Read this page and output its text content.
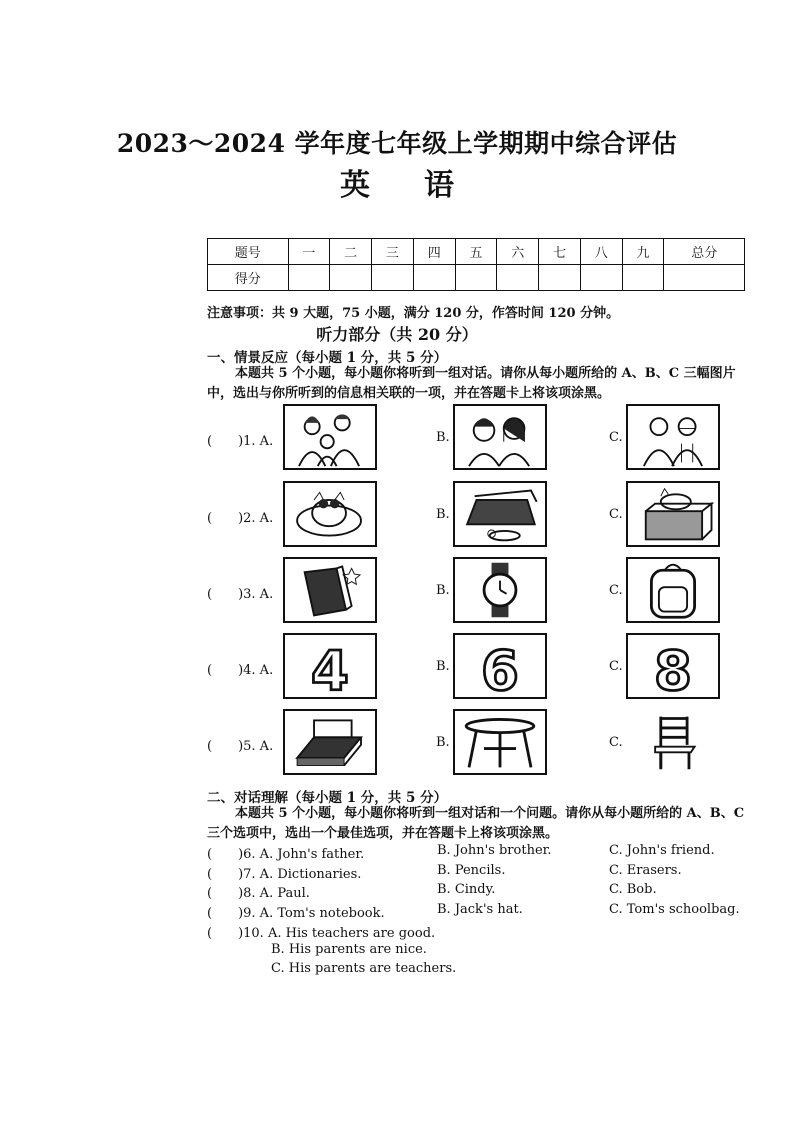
2023～2024 学年度七年级上学期期中综合评估
英语
题号	一	二	三	四	五	六	七	八	九	总分
得分										
注意事项：共 9 大题，75 小题，满分 120 分，作答时间 120 分钟。
听力部分（共 20 分）
一、情景反应（每小题 1 分，共 5 分）
本题共 5 个小题，每小题你将听到一组对话。请你从每小题所给的 A、B、C 三幅图片中，选出与你所听到的信息相关联的一项，并在答题卡上将该项涂黑。
(　　)1. A.	B.	C.
(　　)2. A.	B.	C.
(　　)3. A.	B.	C.
(　　)4. A. 4	B. 6	C. 8
(　　)5. A.	B.	C.
二、对话理解（每小题 1 分，共 5 分）
本题共 5 个小题，每小题你将听到一组对话和一个问题。请你从每小题所给的 A、B、C 三个选项中，选出一个最佳选项，并在答题卡上将该项涂黑。
(　　)6. A. John's father.	B. John's brother.	C. John's friend.
(　　)7. A. Dictionaries.	B. Pencils.	C. Erasers.
(　　)8. A. Paul.	B. Cindy.	C. Bob.
(　　)9. A. Tom's notebook.	B. Jack's hat.	C. Tom's schoolbag.
(　　)10. A. His teachers are good.
B. His parents are nice.
C. His parents are teachers.
